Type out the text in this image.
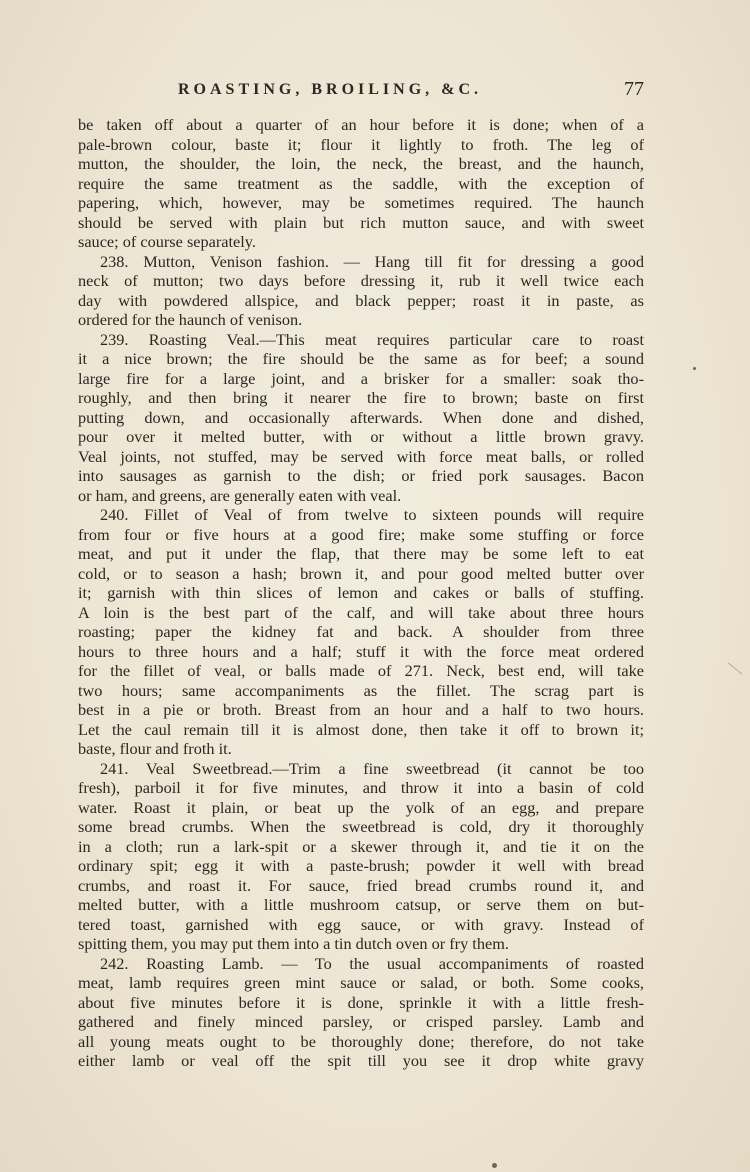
ROASTING, BROILING, &C.	77
be taken off about a quarter of an hour before it is done; when of a
pale-brown colour, baste it; flour it lightly to froth. The leg of
mutton, the shoulder, the loin, the neck, the breast, and the haunch,
require the same treatment as the saddle, with the exception of
papering, which, however, may be sometimes required. The haunch
should be served with plain but rich mutton sauce, and with sweet
sauce; of course separately.
238. Mutton, Venison fashion. — Hang till fit for dressing a good
neck of mutton; two days before dressing it, rub it well twice each
day with powdered allspice, and black pepper; roast it in paste, as
ordered for the haunch of venison.
239. Roasting Veal.—This meat requires particular care to roast
it a nice brown; the fire should be the same as for beef; a sound
large fire for a large joint, and a brisker for a smaller: soak tho-
roughly, and then bring it nearer the fire to brown; baste on first
putting down, and occasionally afterwards. When done and dished,
pour over it melted butter, with or without a little brown gravy.
Veal joints, not stuffed, may be served with force meat balls, or rolled
into sausages as garnish to the dish; or fried pork sausages. Bacon
or ham, and greens, are generally eaten with veal.
240. Fillet of Veal of from twelve to sixteen pounds will require
from four or five hours at a good fire; make some stuffing or force
meat, and put it under the flap, that there may be some left to eat
cold, or to season a hash; brown it, and pour good melted butter over
it; garnish with thin slices of lemon and cakes or balls of stuffing.
A loin is the best part of the calf, and will take about three hours
roasting; paper the kidney fat and back. A shoulder from three
hours to three hours and a half; stuff it with the force meat ordered
for the fillet of veal, or balls made of 271. Neck, best end, will take
two hours; same accompaniments as the fillet. The scrag part is
best in a pie or broth. Breast from an hour and a half to two hours.
Let the caul remain till it is almost done, then take it off to brown it;
baste, flour and froth it.
241. Veal Sweetbread.—Trim a fine sweetbread (it cannot be too
fresh), parboil it for five minutes, and throw it into a basin of cold
water. Roast it plain, or beat up the yolk of an egg, and prepare
some bread crumbs. When the sweetbread is cold, dry it thoroughly
in a cloth; run a lark-spit or a skewer through it, and tie it on the
ordinary spit; egg it with a paste-brush; powder it well with bread
crumbs, and roast it. For sauce, fried bread crumbs round it, and
melted butter, with a little mushroom catsup, or serve them on but-
tered toast, garnished with egg sauce, or with gravy. Instead of
spitting them, you may put them into a tin dutch oven or fry them.
242. Roasting Lamb. — To the usual accompaniments of roasted
meat, lamb requires green mint sauce or salad, or both. Some cooks,
about five minutes before it is done, sprinkle it with a little fresh-
gathered and finely minced parsley, or crisped parsley. Lamb and
all young meats ought to be thoroughly done; therefore, do not take
either lamb or veal off the spit till you see it drop white gravy
